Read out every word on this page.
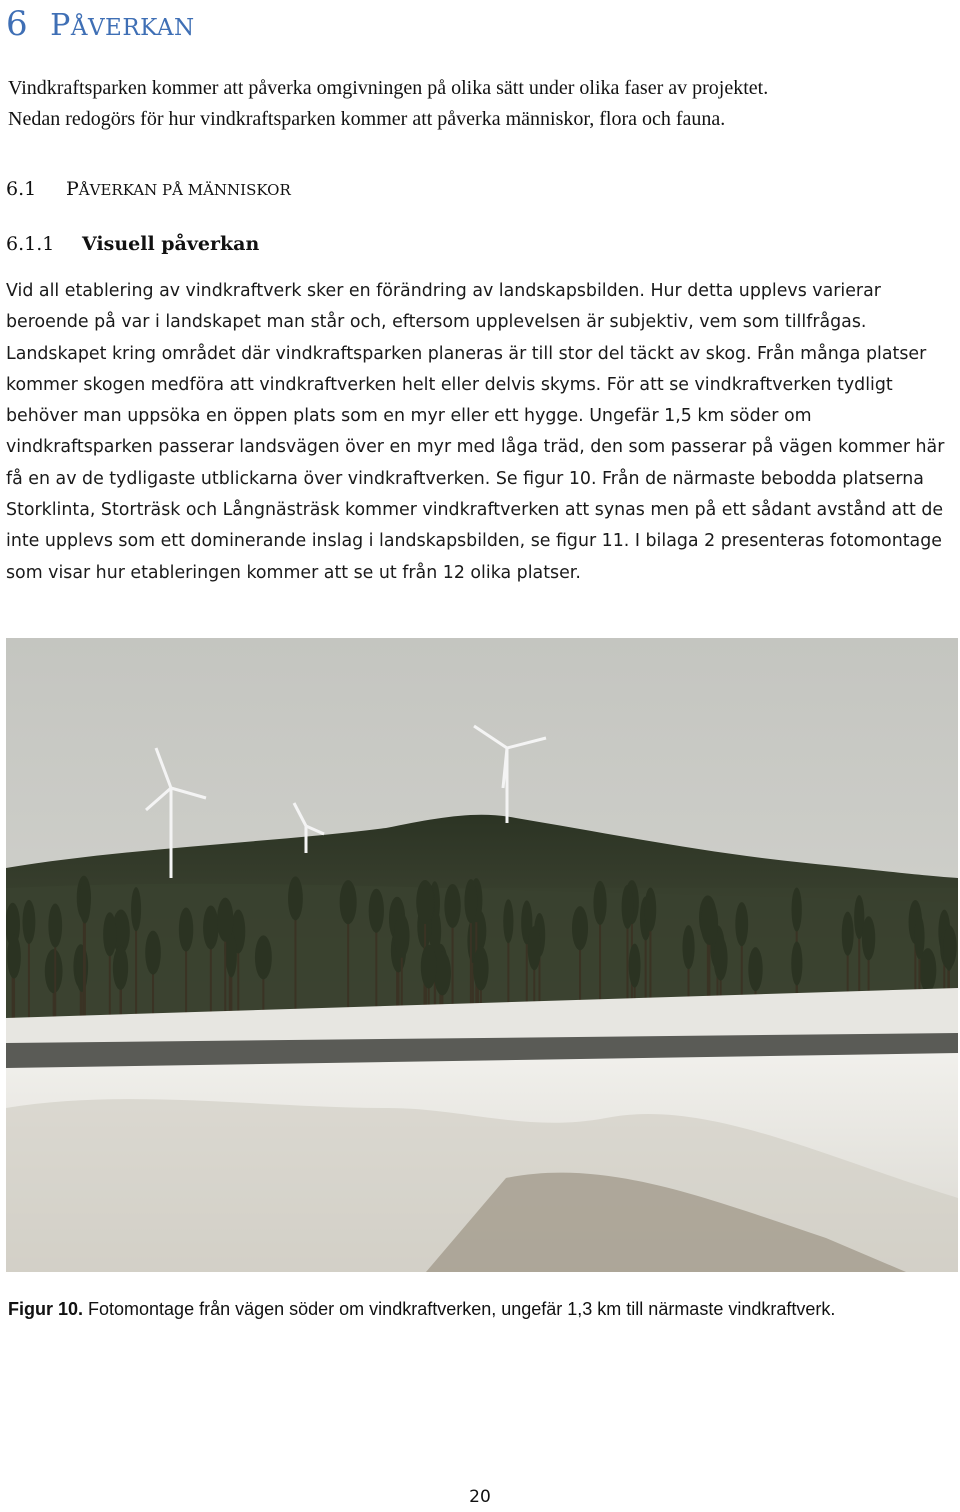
6 PÅVERKAN

Vindkraftsparken kommer att påverka omgivningen på olika sätt under olika faser av projektet.

Nedan redogörs för hur vindkraftsparken kommer att påverka människor, flora och fauna.

6.1 PÅVERKAN PÅ MÄNNISKOR
6.1.1 Visuell påverkan

Vid all etablering av vindkraftverk sker en förändring av landskapsbilden. Hur detta upplevs varierar beroende på var i landskapet man står och, eftersom upplevelsen är subjektiv, vem som tillfrågas. Landskapet kring området där vindkraftsparken planeras är till stor del täckt av skog. Från många platser kommer skogen medföra att vindkraftverken helt eller delvis skyms. För att se vindkraftverken tydligt behöver man uppsöka en öppen plats som en myr eller ett hygge. Ungefär 1,5 km söder om vindkraftsparken passerar landsvägen över en myr med låga träd, den som passerar på vägen kommer här få en av de tydligaste utblickarna över vindkraftverken. Se figur 10. Från de närmaste bebodda platserna Storklinta, Storträsk och Långnästräsk kommer vindkraftverken att synas men på ett sådant avstånd att de inte upplevs som ett dominerande inslag i landskapsbilden, se figur 11. I bilaga 2 presenteras fotomontage som visar hur etableringen kommer att se ut från 12 olika platser.

Figur 10. Fotomontage från vägen söder om vindkraftverken, ungefär 1,3 km till närmaste vindkraftverk.
20
